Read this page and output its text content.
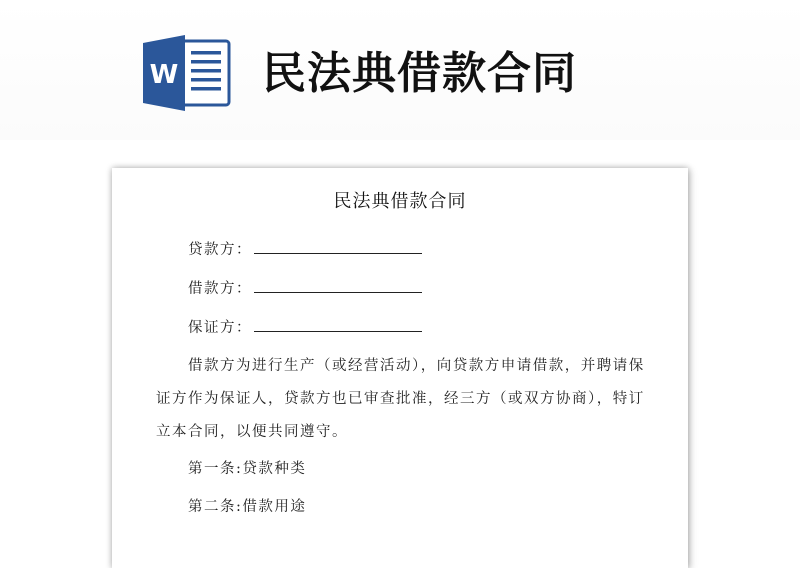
W 民法典借款合同
民法典借款合同
贷款方：
借款方：
保证方：
借款方为进行生产（或经营活动），向贷款方申请借款，并聘请保
证方作为保证人，贷款方也已审查批准，经三方（或双方协商），特订
立本合同，以便共同遵守。
第一条:贷款种类
第二条:借款用途
